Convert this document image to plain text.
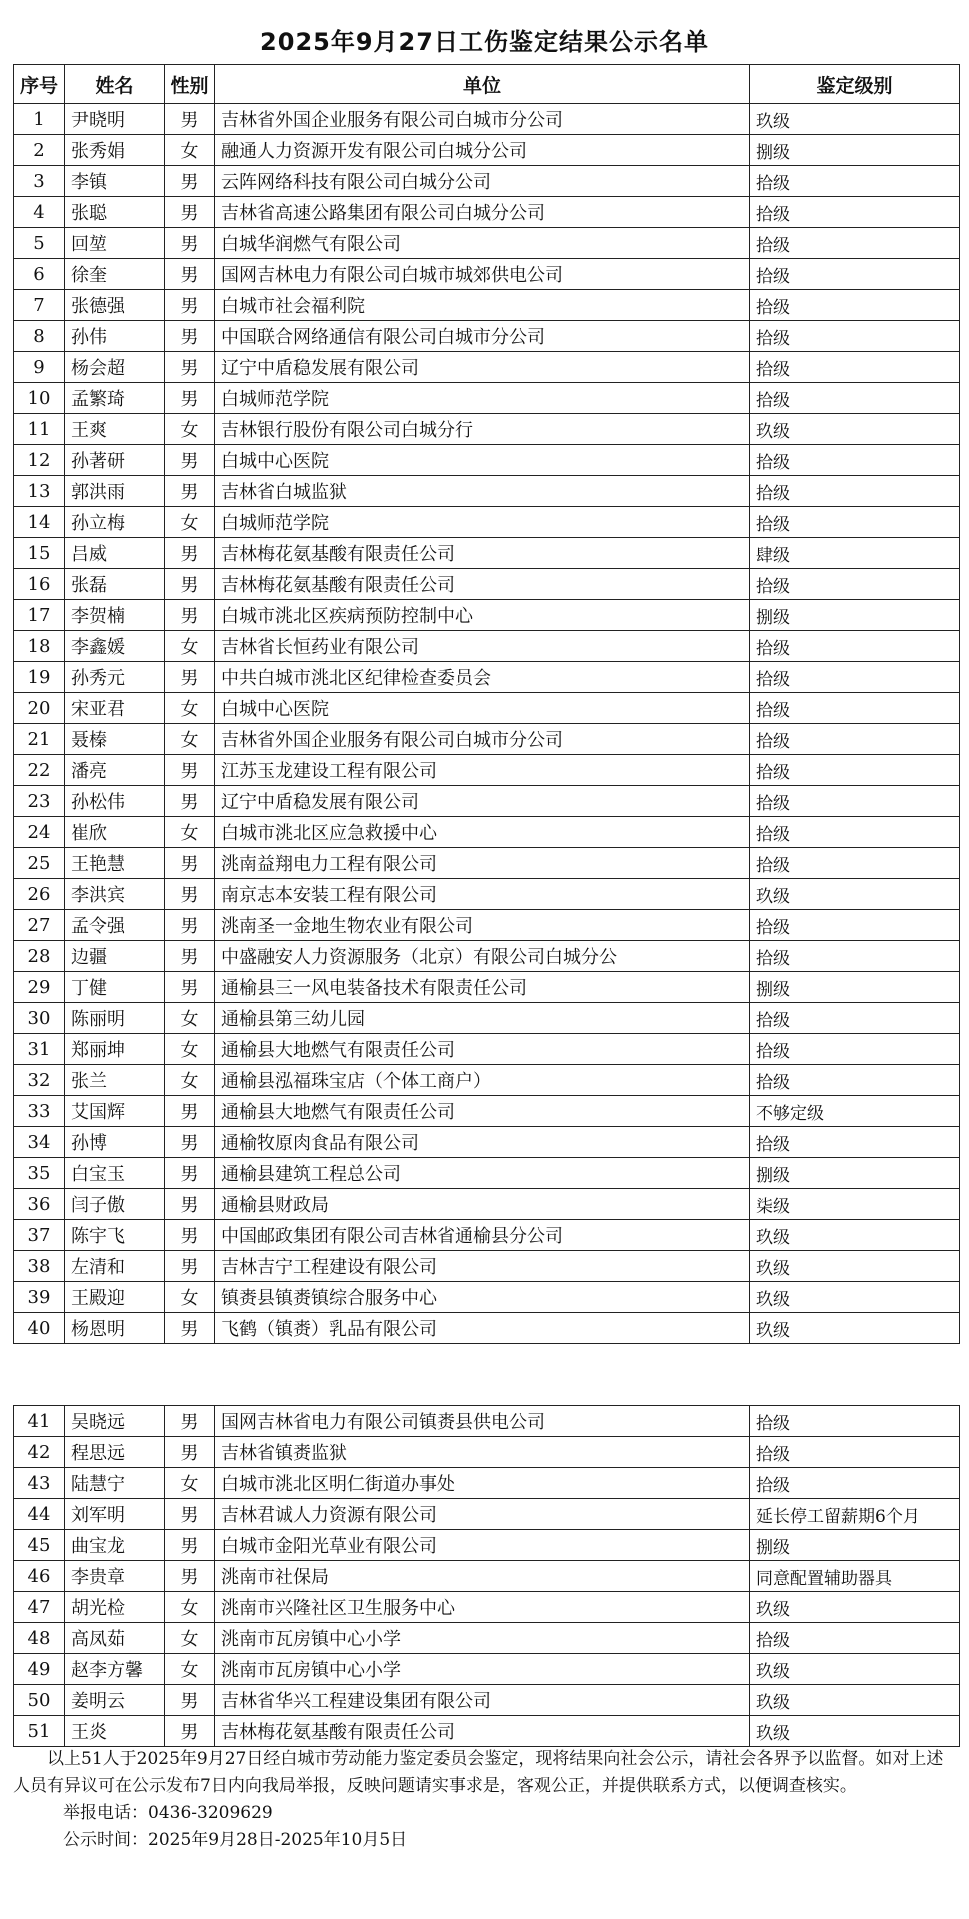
2025年9月27日工伤鉴定结果公示名单
序号	姓名	性别	单位	鉴定级别
1	尹晓明	男	吉林省外国企业服务有限公司白城市分公司	玖级
2	张秀娟	女	融通人力资源开发有限公司白城分公司	捌级
3	李镇	男	云阵网络科技有限公司白城分公司	拾级
4	张聪	男	吉林省高速公路集团有限公司白城分公司	拾级
5	回堃	男	白城华润燃气有限公司	拾级
6	徐奎	男	国网吉林电力有限公司白城市城郊供电公司	拾级
7	张德强	男	白城市社会福利院	拾级
8	孙伟	男	中国联合网络通信有限公司白城市分公司	拾级
9	杨会超	男	辽宁中盾稳发展有限公司	拾级
10	孟繁琦	男	白城师范学院	拾级
11	王爽	女	吉林银行股份有限公司白城分行	玖级
12	孙著研	男	白城中心医院	拾级
13	郭洪雨	男	吉林省白城监狱	拾级
14	孙立梅	女	白城师范学院	拾级
15	吕威	男	吉林梅花氨基酸有限责任公司	肆级
16	张磊	男	吉林梅花氨基酸有限责任公司	拾级
17	李贺楠	男	白城市洮北区疾病预防控制中心	捌级
18	李鑫媛	女	吉林省长恒药业有限公司	拾级
19	孙秀元	男	中共白城市洮北区纪律检查委员会	拾级
20	宋亚君	女	白城中心医院	拾级
21	聂榛	女	吉林省外国企业服务有限公司白城市分公司	拾级
22	潘亮	男	江苏玉龙建设工程有限公司	拾级
23	孙松伟	男	辽宁中盾稳发展有限公司	拾级
24	崔欣	女	白城市洮北区应急救援中心	拾级
25	王艳慧	男	洮南益翔电力工程有限公司	拾级
26	李洪宾	男	南京志本安装工程有限公司	玖级
27	孟令强	男	洮南圣一金地生物农业有限公司	拾级
28	边疆	男	中盛融安人力资源服务（北京）有限公司白城分公	拾级
29	丁健	男	通榆县三一风电装备技术有限责任公司	捌级
30	陈丽明	女	通榆县第三幼儿园	拾级
31	郑丽坤	女	通榆县大地燃气有限责任公司	拾级
32	张兰	女	通榆县泓福珠宝店（个体工商户）	拾级
33	艾国辉	男	通榆县大地燃气有限责任公司	不够定级
34	孙博	男	通榆牧原肉食品有限公司	拾级
35	白宝玉	男	通榆县建筑工程总公司	捌级
36	闫子傲	男	通榆县财政局	柒级
37	陈宇飞	男	中国邮政集团有限公司吉林省通榆县分公司	玖级
38	左清和	男	吉林吉宁工程建设有限公司	玖级
39	王殿迎	女	镇赉县镇赉镇综合服务中心	玖级
40	杨恩明	男	飞鹤（镇赉）乳品有限公司	玖级
41	吴晓远	男	国网吉林省电力有限公司镇赉县供电公司	拾级
42	程思远	男	吉林省镇赉监狱	拾级
43	陆慧宁	女	白城市洮北区明仁街道办事处	拾级
44	刘军明	男	吉林君诚人力资源有限公司	延长停工留薪期6个月
45	曲宝龙	男	白城市金阳光草业有限公司	捌级
46	李贵章	男	洮南市社保局	同意配置辅助器具
47	胡光检	女	洮南市兴隆社区卫生服务中心	玖级
48	高凤茹	女	洮南市瓦房镇中心小学	拾级
49	赵李方馨	女	洮南市瓦房镇中心小学	玖级
50	姜明云	男	吉林省华兴工程建设集团有限公司	玖级
51	王炎	男	吉林梅花氨基酸有限责任公司	玖级

以上51人于2025年9月27日经白城市劳动能力鉴定委员会鉴定，现将结果向社会公示，请社会各界予以监督。如对上述人员有异议可在公示发布7日内向我局举报，反映问题请实事求是，客观公正，并提供联系方式，以便调查核实。

举报电话：0436-3209629

公示时间：2025年9月28日-2025年10月5日
